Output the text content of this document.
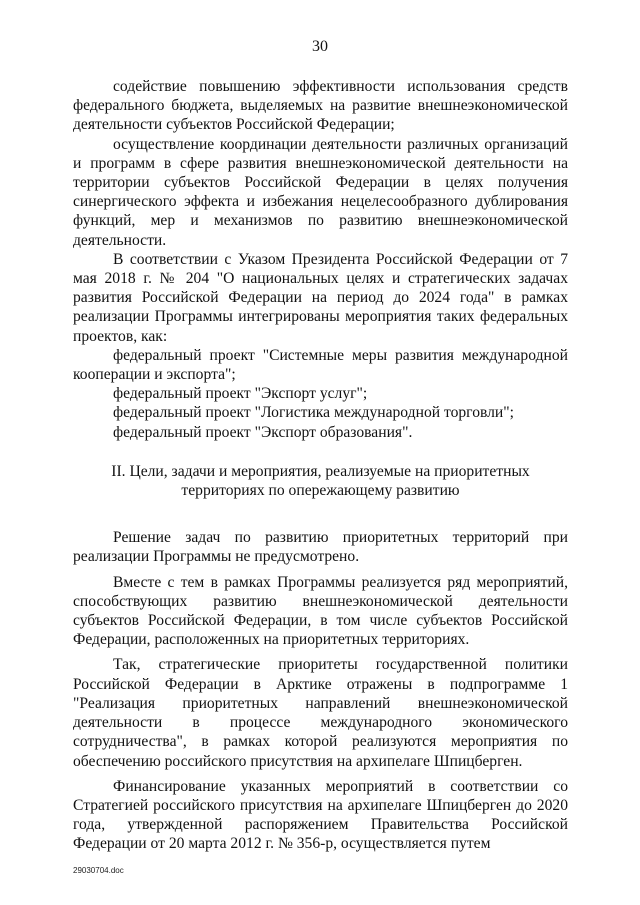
30

содействие повышению эффективности использования средств федерального бюджета, выделяемых на развитие внешнеэкономической деятельности субъектов Российской Федерации;

осуществление координации деятельности различных организаций и программ в сфере развития внешнеэкономической деятельности на территории субъектов Российской Федерации в целях получения синергического эффекта и избежания нецелесообразного дублирования функций, мер и механизмов по развитию внешнеэкономической деятельности.

В соответствии с Указом Президента Российской Федерации от 7 мая 2018 г. № 204 "О национальных целях и стратегических задачах развития Российской Федерации на период до 2024 года" в рамках реализации Программы интегрированы мероприятия таких федеральных проектов, как:

федеральный проект "Системные меры развития международной кооперации и экспорта";

федеральный проект "Экспорт услуг";

федеральный проект "Логистика международной торговли";

федеральный проект "Экспорт образования".

II. Цели, задачи и мероприятия, реализуемые на приоритетных
территориях по опережающему развитию

Решение задач по развитию приоритетных территорий при реализации Программы не предусмотрено.

Вместе с тем в рамках Программы реализуется ряд мероприятий, способствующих развитию внешнеэкономической деятельности субъектов Российской Федерации, в том числе субъектов Российской Федерации, расположенных на приоритетных территориях.

Так, стратегические приоритеты государственной политики Российской Федерации в Арктике отражены в подпрограмме 1 "Реализация приоритетных направлений внешнеэкономической деятельности в процессе международного экономического сотрудничества", в рамках которой реализуются мероприятия по обеспечению российского присутствия на архипелаге Шпицберген.

Финансирование указанных мероприятий в соответствии со Стратегией российского присутствия на архипелаге Шпицберген до 2020 года, утвержденной распоряжением Правительства Российской Федерации от 20 марта 2012 г. № 356-р, осуществляется путем

29030704.doc
